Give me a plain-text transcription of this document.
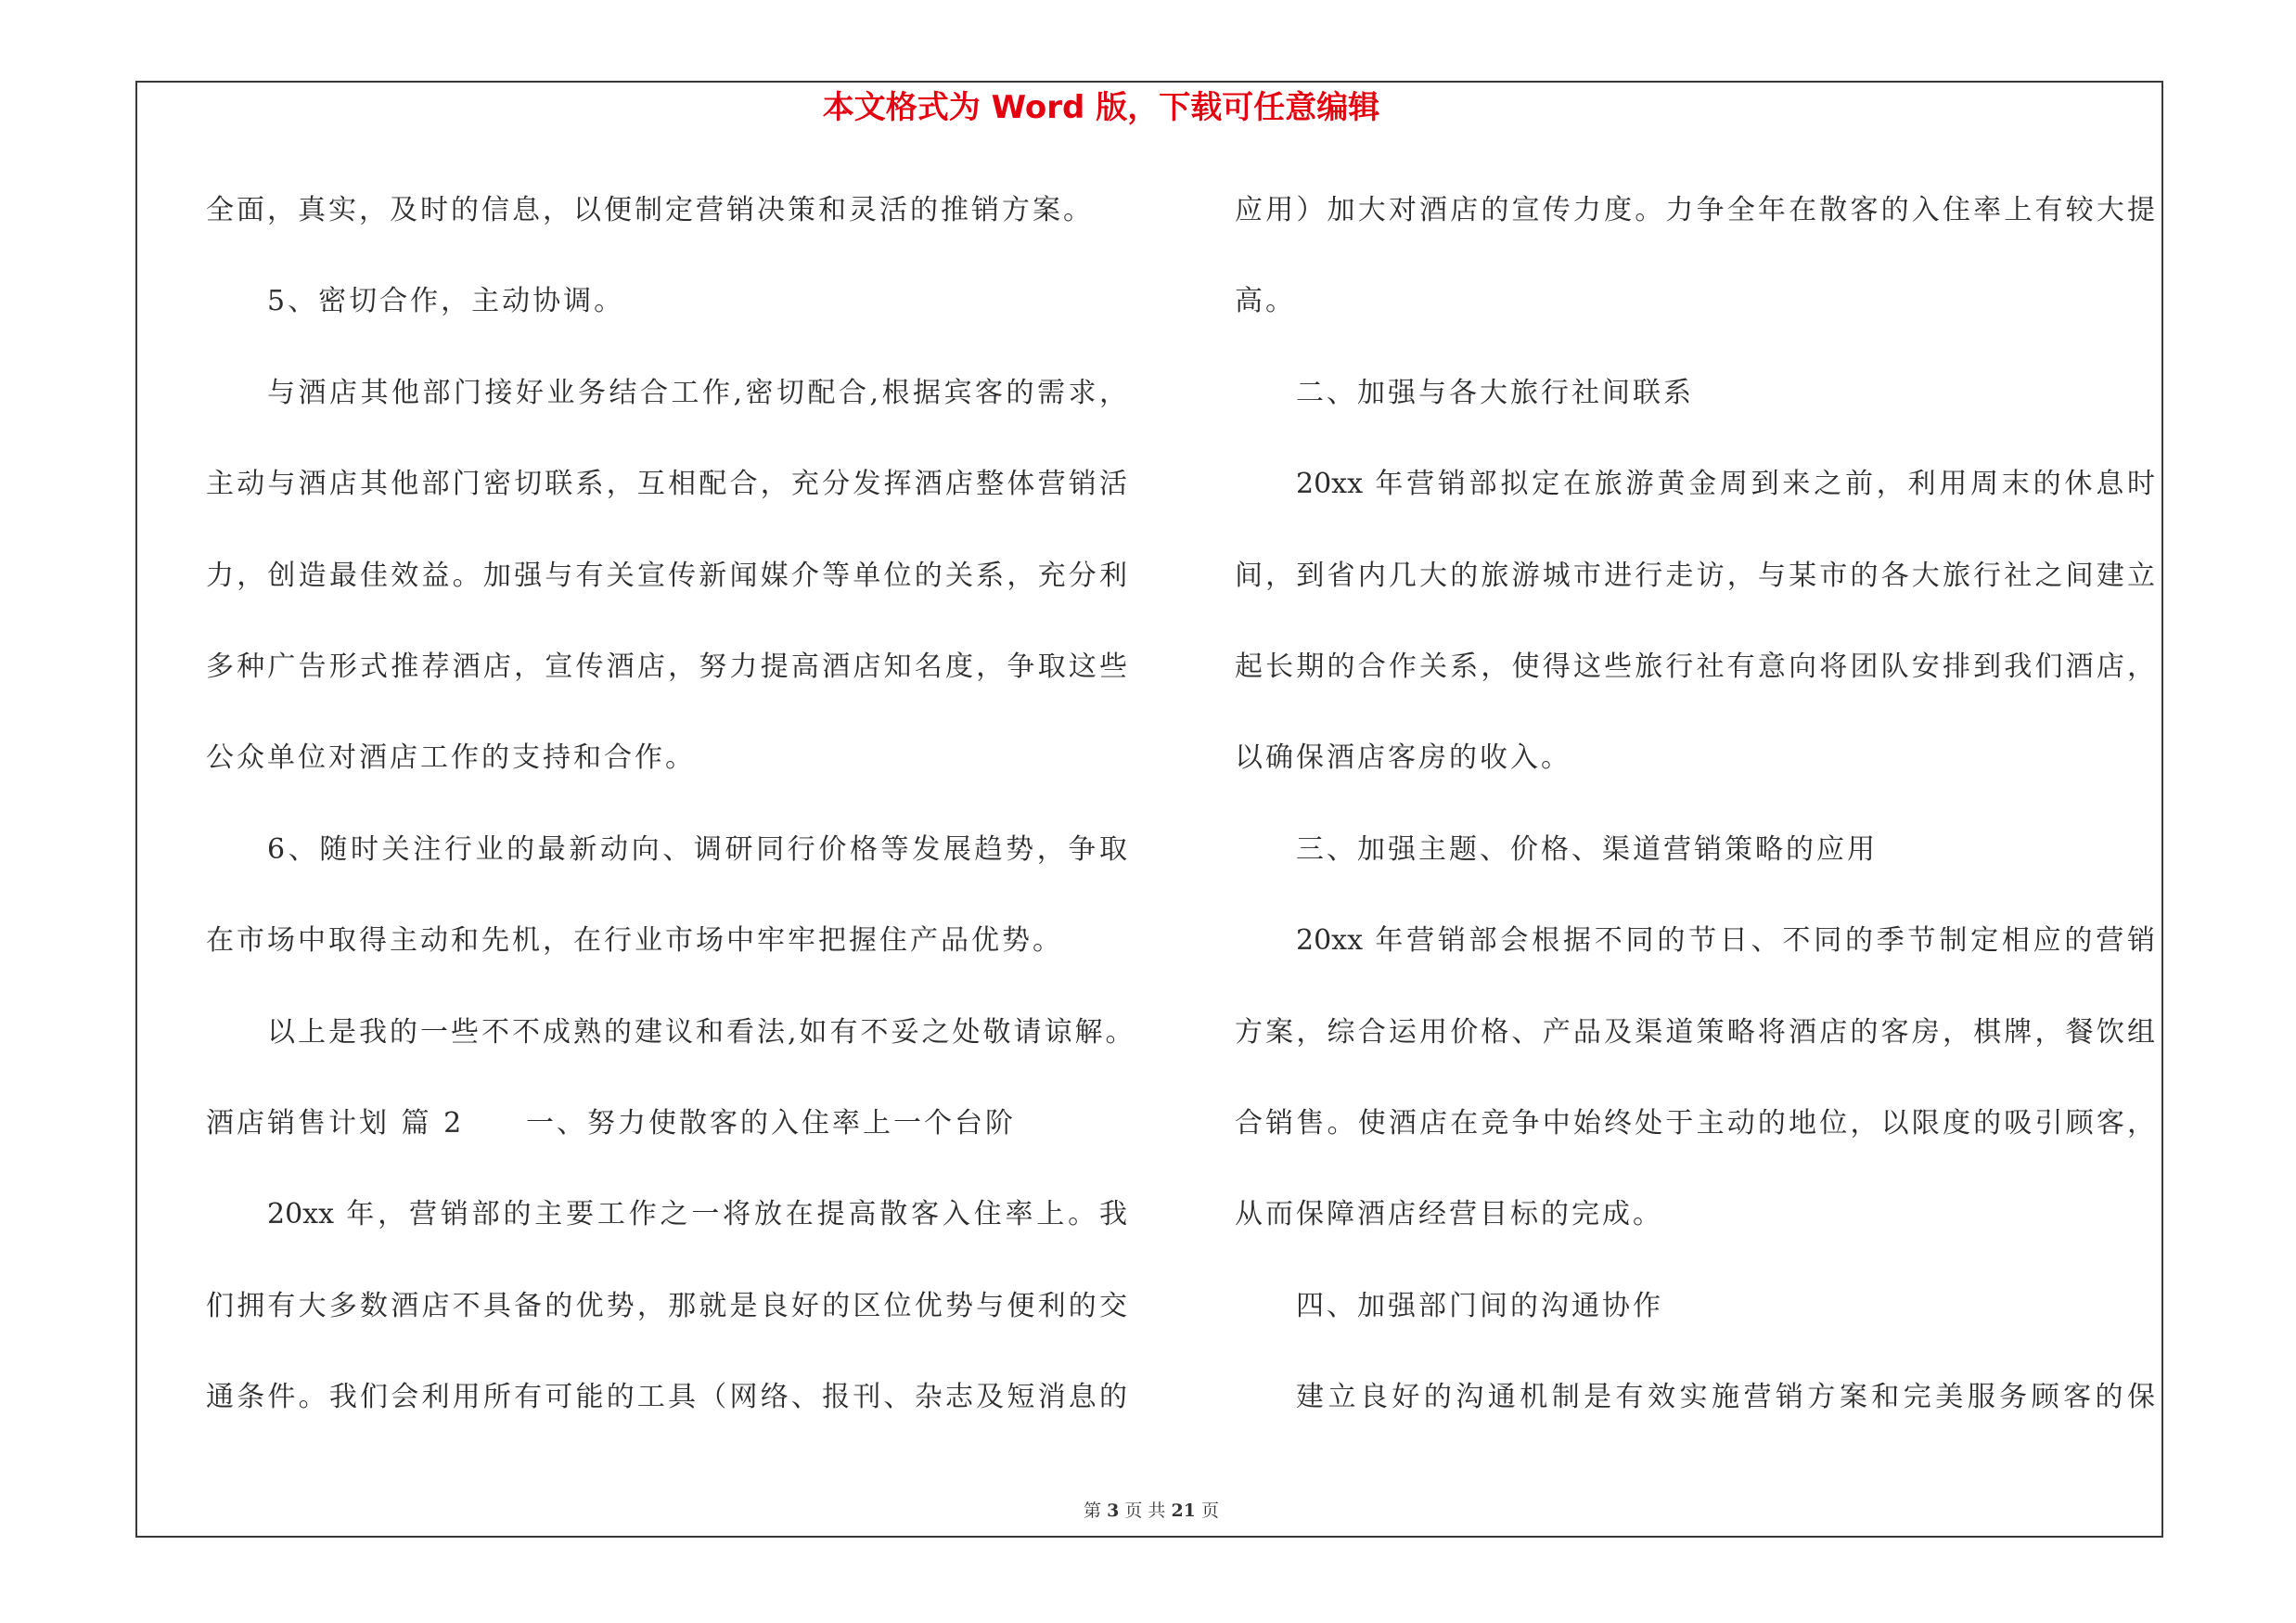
本文格式为 Word 版，下载可任意编辑
全面，真实，及时的信息，以便制定营销决策和灵活的推销方案。
5、密切合作，主动协调。
与酒店其他部门接好业务结合工作,密切配合,根据宾客的需求，
主动与酒店其他部门密切联系，互相配合，充分发挥酒店整体营销活
力，创造最佳效益。加强与有关宣传新闻媒介等单位的关系，充分利
多种广告形式推荐酒店，宣传酒店，努力提高酒店知名度，争取这些
公众单位对酒店工作的支持和合作。
6、随时关注行业的最新动向、调研同行价格等发展趋势，争取
在市场中取得主动和先机，在行业市场中牢牢把握住产品优势。
以上是我的一些不不成熟的建议和看法,如有不妥之处敬请谅解。
酒店销售计划 篇 2 一、努力使散客的入住率上一个台阶
20xx 年，营销部的主要工作之一将放在提高散客入住率上。我
们拥有大多数酒店不具备的优势，那就是良好的区位优势与便利的交
通条件。我们会利用所有可能的工具（网络、报刊、杂志及短消息的
应用）加大对酒店的宣传力度。力争全年在散客的入住率上有较大提
高。
二、加强与各大旅行社间联系
20xx 年营销部拟定在旅游黄金周到来之前，利用周末的休息时
间，到省内几大的旅游城市进行走访，与某市的各大旅行社之间建立
起长期的合作关系，使得这些旅行社有意向将团队安排到我们酒店，
以确保酒店客房的收入。
三、加强主题、价格、渠道营销策略的应用
20xx 年营销部会根据不同的节日、不同的季节制定相应的营销
方案，综合运用价格、产品及渠道策略将酒店的客房，棋牌，餐饮组
合销售。使酒店在竞争中始终处于主动的地位，以限度的吸引顾客，
从而保障酒店经营目标的完成。
四、加强部门间的沟通协作
建立良好的沟通机制是有效实施营销方案和完美服务顾客的保
第 3 页 共 21 页
